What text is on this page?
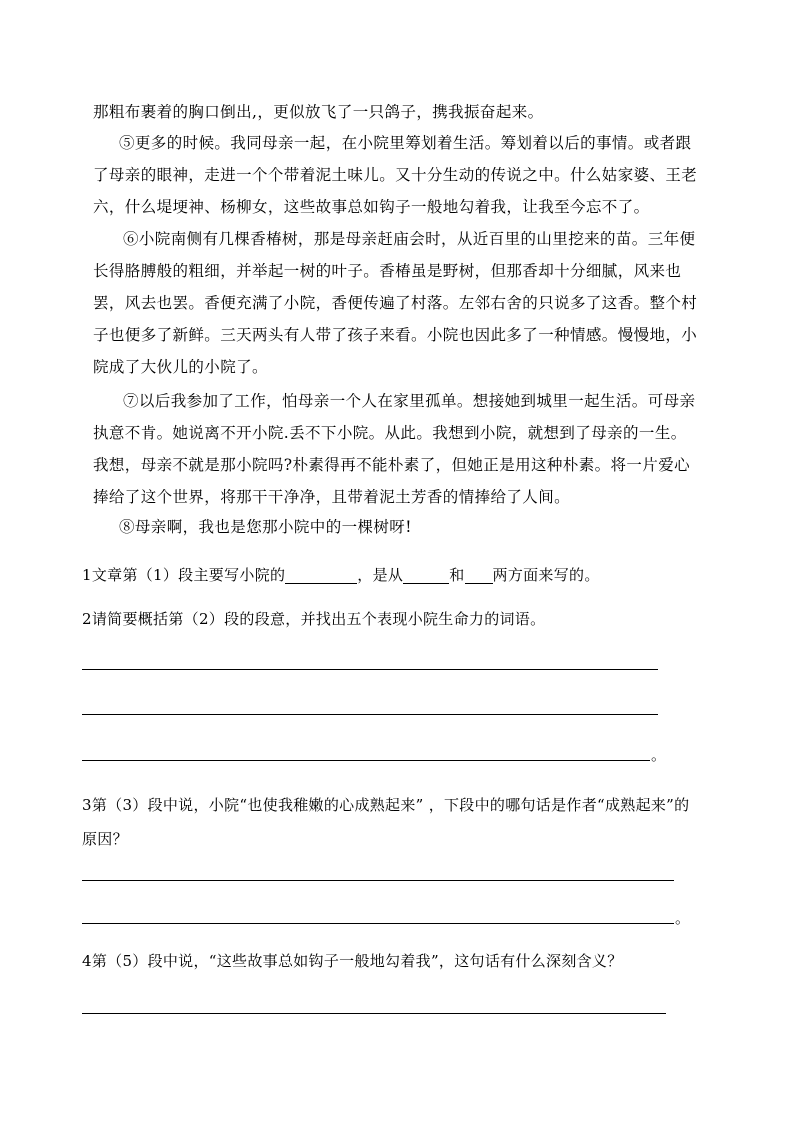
那粗布裹着的胸口倒出,，更似放飞了一只鸽子，携我振奋起来。

⑤更多的时候。我同母亲一起，在小院里筹划着生活。筹划着以后的事情。或者跟了母亲的眼神，走进一个个带着泥土味儿。又十分生动的传说之中。什么姑家婆、王老六，什么堤埂神、杨柳女，这些故事总如钩子一般地勾着我，让我至今忘不了。

⑥小院南侧有几棵香椿树，那是母亲赶庙会时，从近百里的山里挖来的苗。三年便长得胳膊般的粗细，并举起一树的叶子。香椿虽是野树，但那香却十分细腻，风来也罢，风去也罢。香便充满了小院，香便传遍了村落。左邻右舍的只说多了这香。整个村子也便多了新鲜。三天两头有人带了孩子来看。小院也因此多了一种情感。慢慢地，小院成了大伙儿的小院了。

⑦以后我参加了工作，怕母亲一个人在家里孤单。想接她到城里一起生活。可母亲执意不肯。她说离不开小院.丢不下小院。从此。我想到小院，就想到了母亲的一生。我想，母亲不就是那小院吗?朴素得再不能朴素了，但她正是用这种朴素。将一片爱心捧给了这个世界，将那干干净净，且带着泥土芳香的情捧给了人间。

⑧母亲啊，我也是您那小院中的一棵树呀!

1文章第（1）段主要写小院的	，是从	和 两方面来写的。

2请简要概括第（2）段的段意，并找出五个表现小院生命力的词语。

。

3第（3）段中说，小院“也使我稚嫩的心成熟起来” ，下段中的哪句话是作者“成熟起来”的原因？

。

4第（5）段中说，“这些故事总如钩子一般地勾着我”，这句话有什么深刻含义？
